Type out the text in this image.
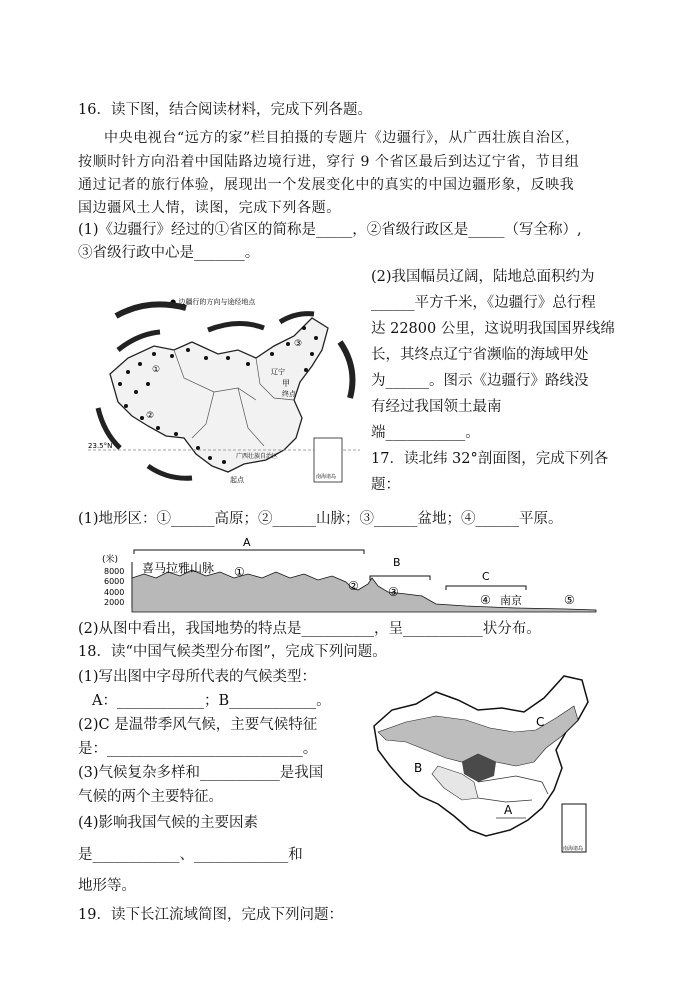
16．读下图，结合阅读材料，完成下列各题。
中央电视台“远方的家”栏目拍摄的专题片《边疆行》，从广西壮族自治区，
按顺时针方向沿着中国陆路边境行进，穿行 9 个省区最后到达辽宁省，节目组
通过记者的旅行体验，展现出一个发展变化中的真实的中国边疆形象，反映我
国边疆风土人情，读图，完成下列各题。
(1)《边疆行》经过的①省区的简称是_____，②省级行政区是_____（写全称）,
③省级行政中心是_______。
● 边疆行的方向与途经地点
①
②
③
辽宁
甲
终点
23.5°N
广西壮族自治区
起点	南海诸岛
(2)我国幅员辽阔，陆地总面积约为
______平方千米，《边疆行》总行程
达 22800 公里，这说明我国国界线绵
长，其终点辽宁省濒临的海域甲处
为______。图示《边疆行》路线没
有经过我国领土最南
端___________。
17．读北纬 32°剖面图，完成下列各
题：
(1)地形区：①______高原；②______山脉；③______盆地；④______平原。
(米)
8000
6000
4000
2000
喜马拉雅山脉
A
B
C
①
② ③
④ 南京	⑤
(2)从图中看出，我国地势的特点是__________，呈___________状分布。
18．读“中国气候类型分布图”，完成下列问题。
(1)写出图中字母所代表的气候类型：
A：____________；B____________。
(2)C 是温带季风气候，主要气候特征
是：___________________________。
(3)气候复杂多样和___________是我国
气候的两个主要特征。
(4)影响我国气候的主要因素
是____________、_____________和
地形等。
A
B
C
南海诸岛
19．读下长江流域简图，完成下列问题：
